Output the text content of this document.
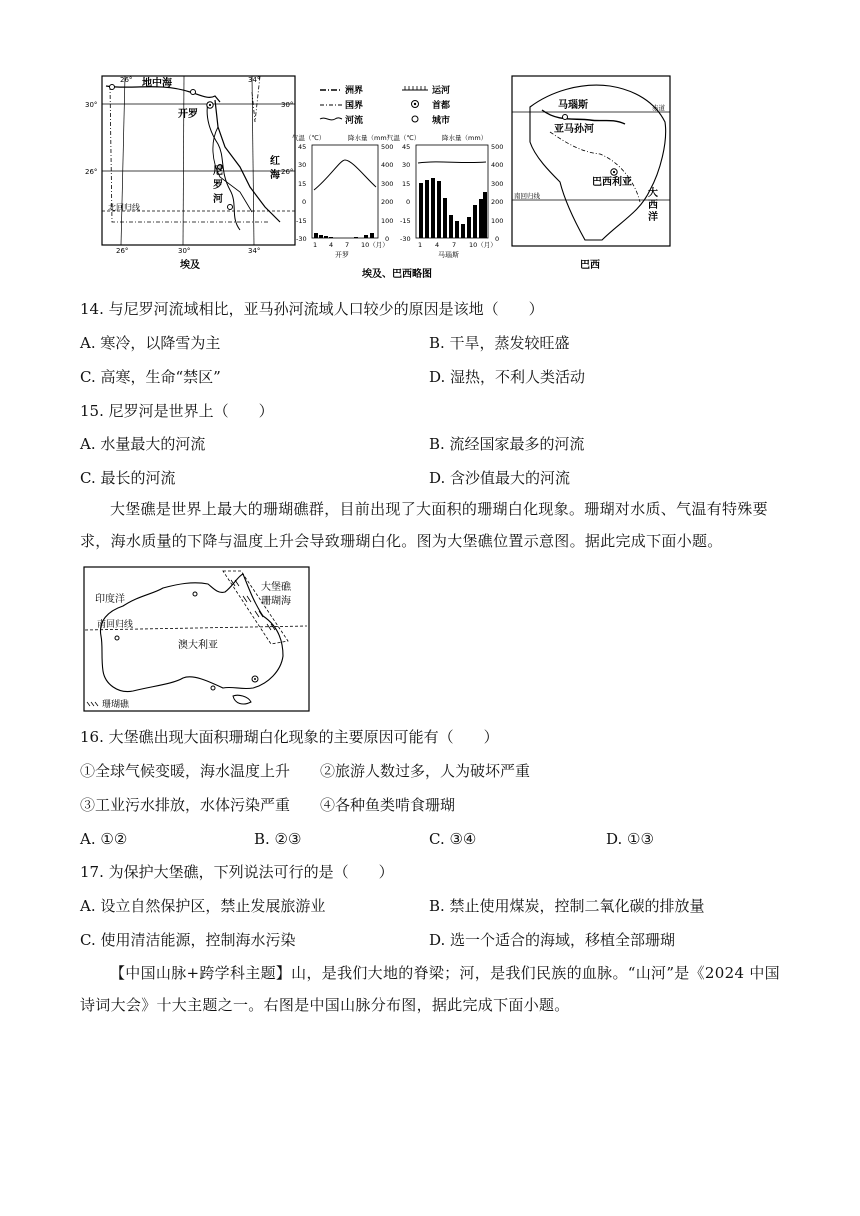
地中海
开罗
红
海
尼
罗
河
北回归线
30°	30°
26°	26°
26°	34°
26°	30°	34°
埃及
洲界	运河
国界	首都
河流	城市
气温（℃）	降水量（mm）
开罗
气温（℃）	降水量（mm）
马瑙斯
45
30
15
0
-15
-30
500
400
300
200
100
0
45
30
15
0
-15
-30
500
400
300
200
100
0
1 4 7 10（月）	1 4 7 10（月）
埃及、巴西略图
赤道
南回归线
马瑙斯
亚马孙河
巴西利亚
大
西
洋
巴西
14. 与尼罗河流域相比，亚马孙河流域人口较少的原因是该地（　　）
A. 寒冷，以降雪为主	B. 干旱，蒸发较旺盛
C. 高寒，生命“禁区”	D. 湿热，不利人类活动
15. 尼罗河是世界上（　　）
A. 水量最大的河流	B. 流经国家最多的河流
C. 最长的河流	D. 含沙值最大的河流
大堡礁是世界上最大的珊瑚礁群，目前出现了大面积的珊瑚白化现象。珊瑚对水质、气温有特殊要求，海水质量的下降与温度上升会导致珊瑚白化。图为大堡礁位置示意图。据此完成下面小题。
印度洋
大堡礁
珊瑚海
南回归线
澳大利亚
珊瑚礁
16. 大堡礁出现大面积珊瑚白化现象的主要原因可能有（　　）
①全球气候变暖，海水温度上升 ②旅游人数过多，人为破坏严重
③工业污水排放，水体污染严重 ④各种鱼类啃食珊瑚
A. ①②	B. ②③	C. ③④	D. ①③
17. 为保护大堡礁，下列说法可行的是（　　）
A. 设立自然保护区，禁止发展旅游业	B. 禁止使用煤炭，控制二氧化碳的排放量
C. 使用清洁能源，控制海水污染	D. 选一个适合的海域，移植全部珊瑚
【中国山脉+跨学科主题】山，是我们大地的脊梁；河，是我们民族的血脉。“山河”是《2024 中国诗词大会》十大主题之一。右图是中国山脉分布图，据此完成下面小题。
